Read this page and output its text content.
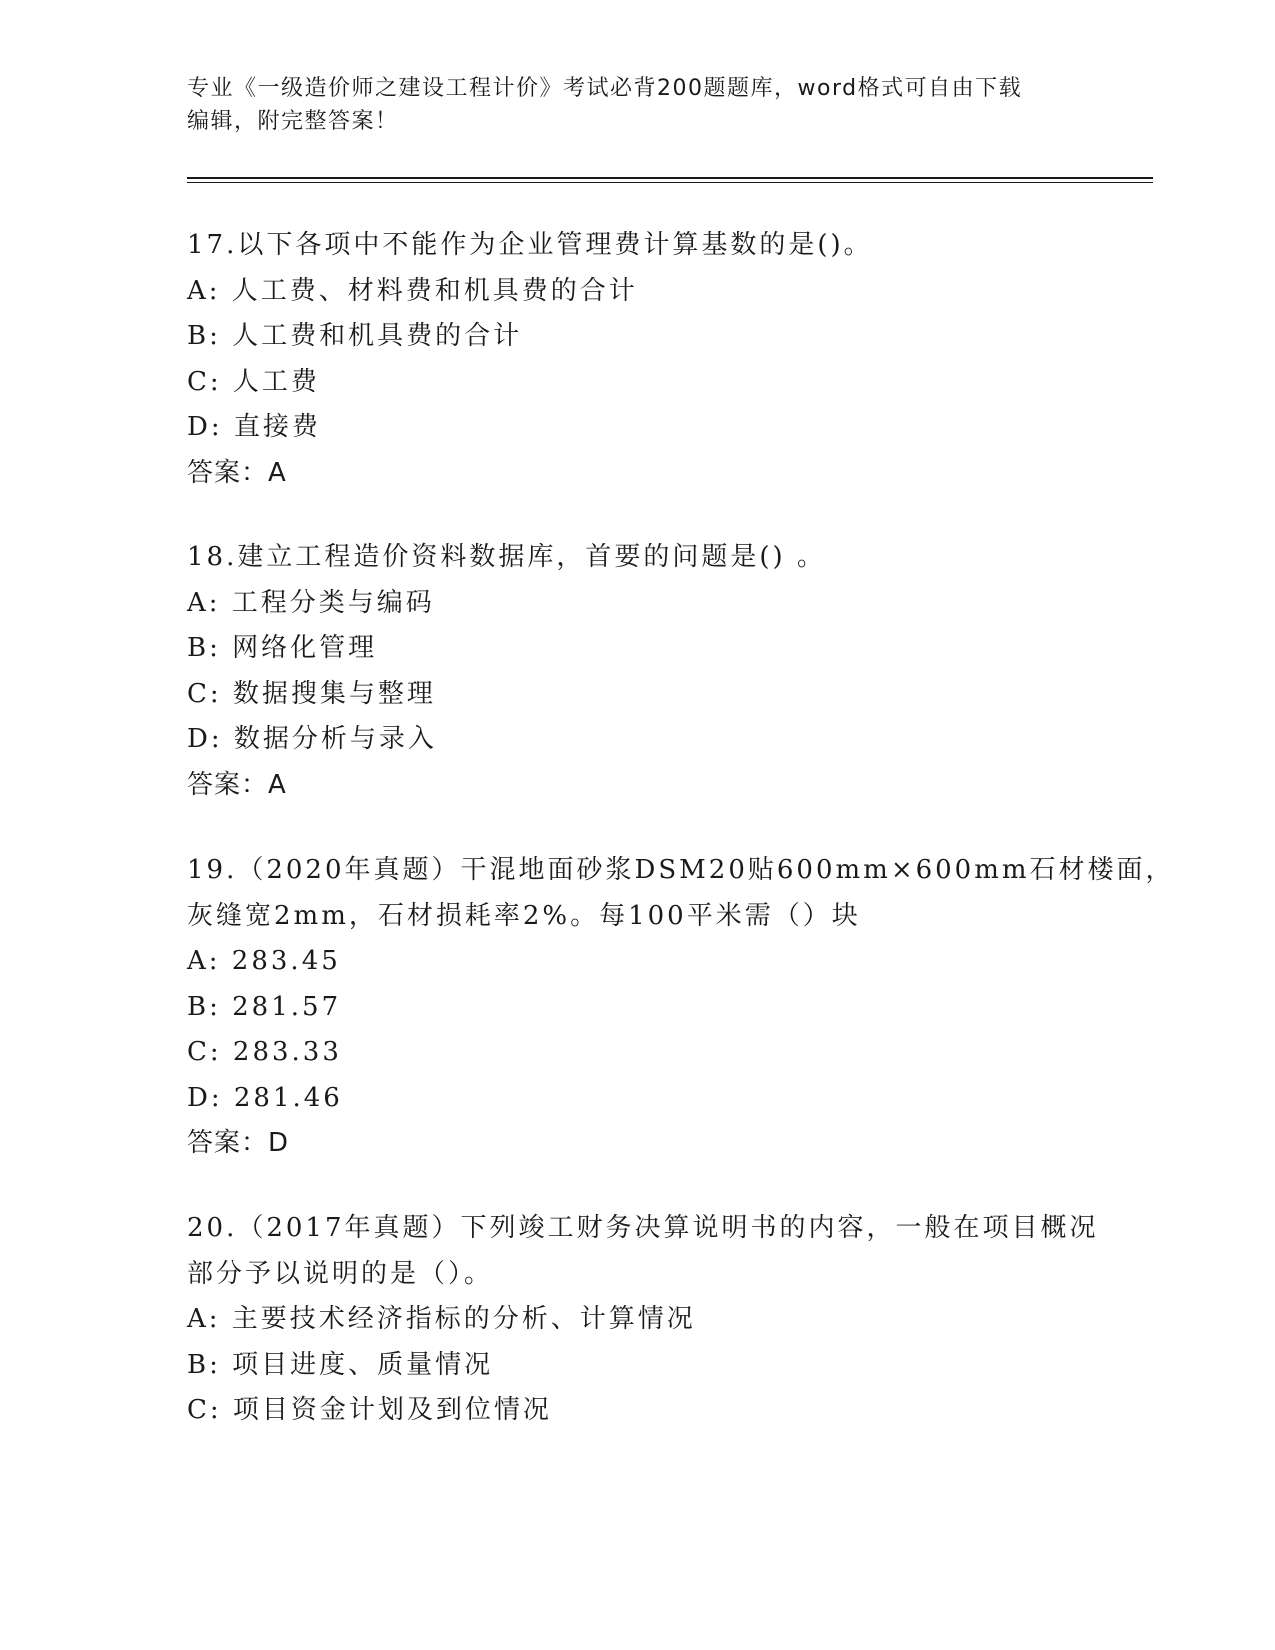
专业《一级造价师之建设工程计价》考试必背200题题库，word格式可自由下载
编辑，附完整答案！
17.以下各项中不能作为企业管理费计算基数的是()。
A: 人工费、材料费和机具费的合计
B: 人工费和机具费的合计
C: 人工费
D: 直接费
答案：A
18.建立工程造价资料数据库，首要的问题是() 。
A: 工程分类与编码
B: 网络化管理
C: 数据搜集与整理
D: 数据分析与录入
答案：A
19.（2020年真题）干混地面砂浆DSM20贴600mm×600mm石材楼面，
灰缝宽2mm，石材损耗率2%。每100平米需（）块
A: 283.45
B: 281.57
C: 283.33
D: 281.46
答案：D
20.（2017年真题）下列竣工财务决算说明书的内容，一般在项目概况
部分予以说明的是（）。
A: 主要技术经济指标的分析、计算情况
B: 项目进度、质量情况
C: 项目资金计划及到位情况
